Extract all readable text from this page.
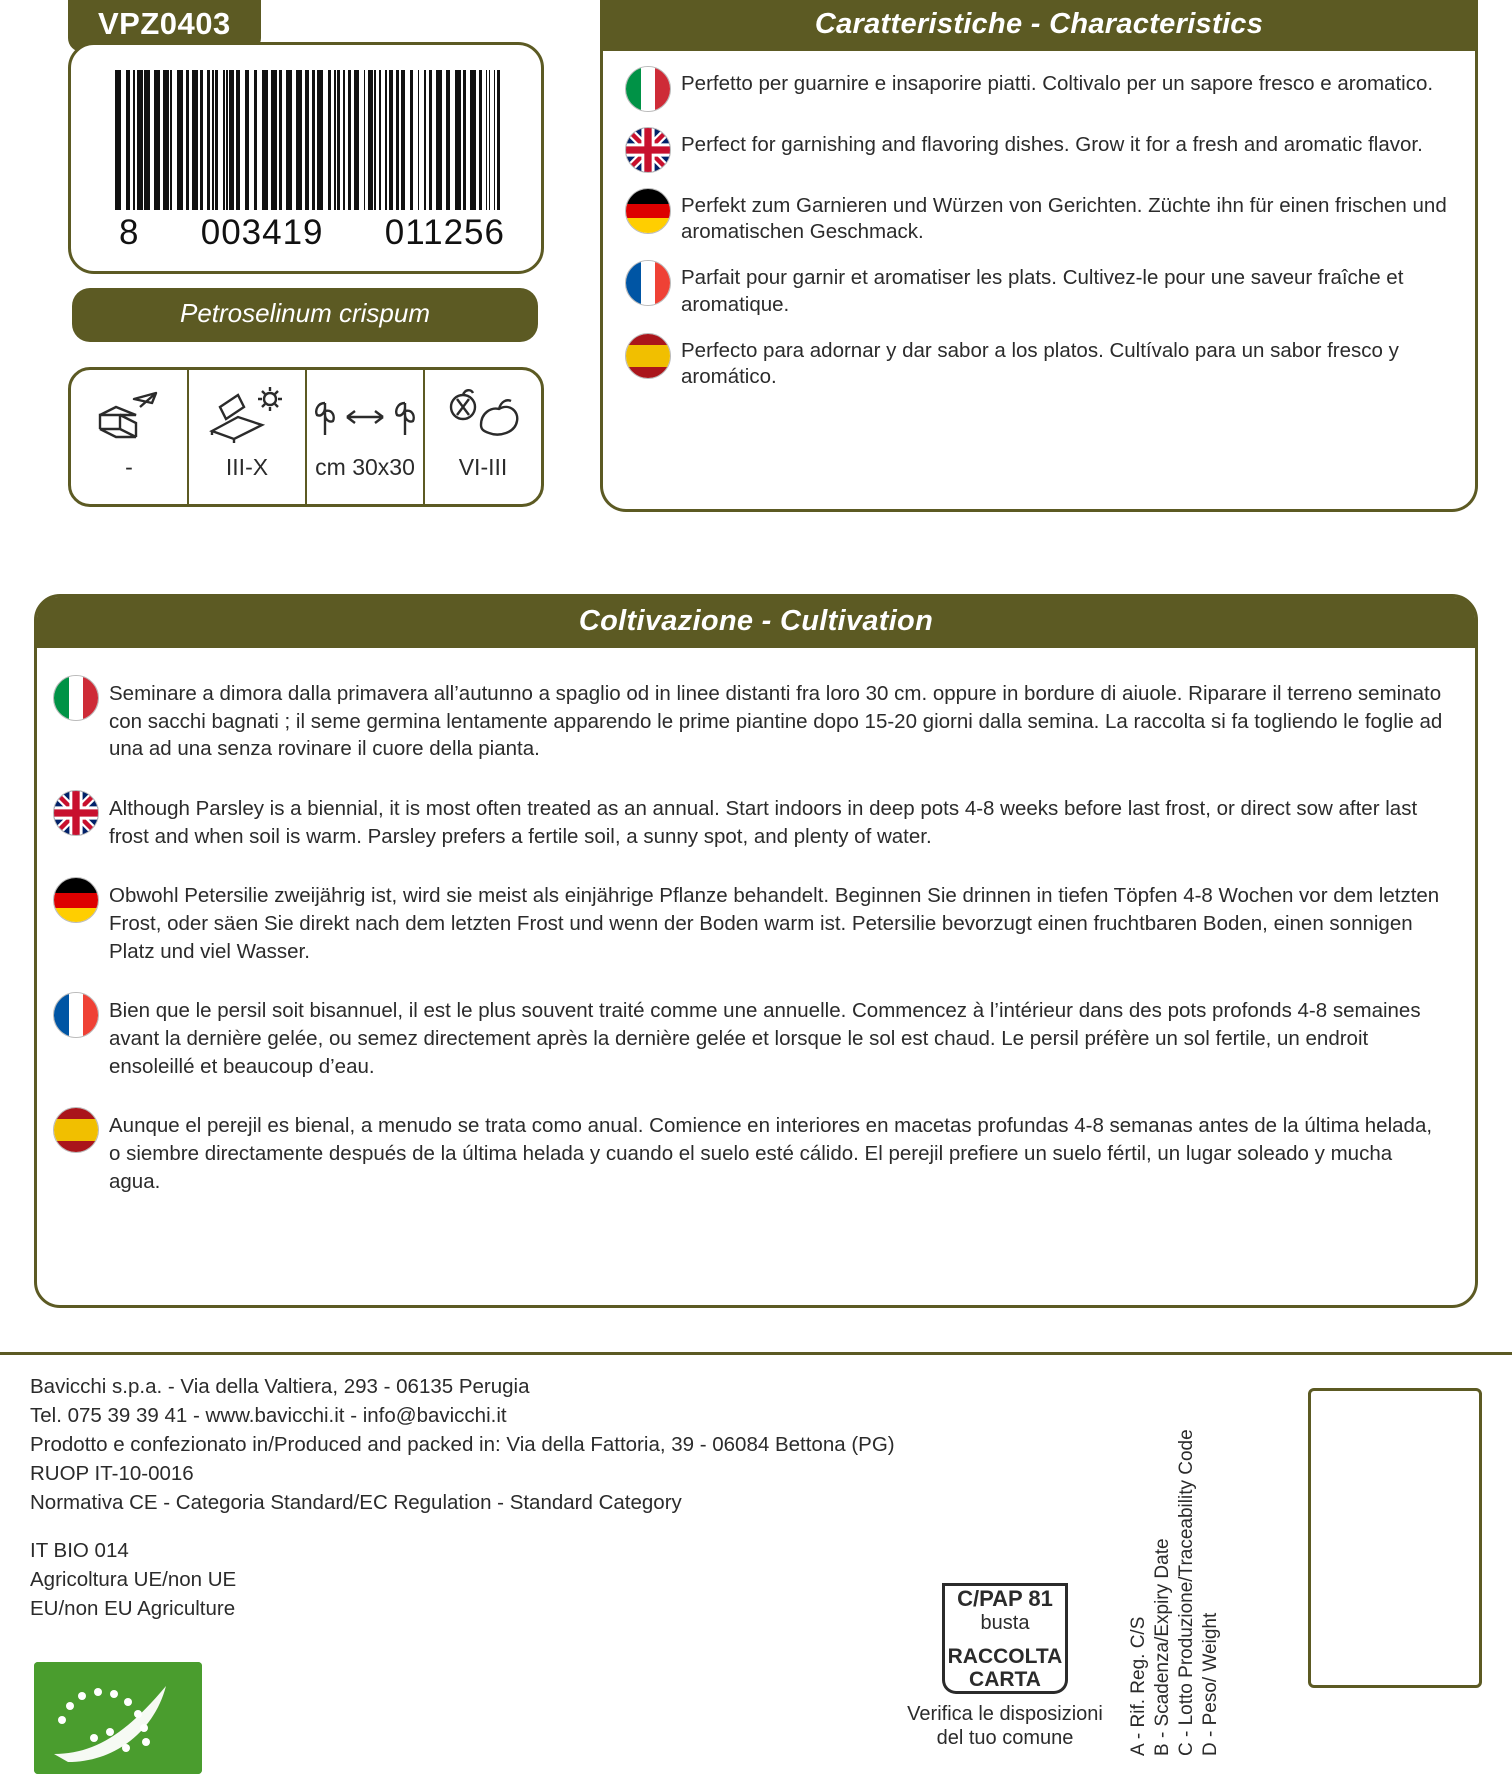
VPZ0403
8 003419 011256
Petroselinum crispum
-	III-X cm 30x30 VI-III
Caratteristiche - Characteristics
Perfetto per guarnire e insaporire piatti. Coltivalo per un sapore fresco e aromatico.
Perfect for garnishing and flavoring dishes. Grow it for a fresh and aromatic flavor.
Perfekt zum Garnieren und Würzen von Gerichten. Züchte ihn für einen frischen und aromatischen Geschmack.
Parfait pour garnir et aromatiser les plats. Cultivez-le pour une saveur fraîche et aromatique.
Perfecto para adornar y dar sabor a los platos. Cultívalo para un sabor fresco y aromático.
Coltivazione - Cultivation
Seminare a dimora dalla primavera all’autunno a spaglio od in linee distanti fra loro 30 cm. oppure in bordure di aiuole. Riparare il terreno seminato con sacchi bagnati ; il seme germina lentamente apparendo le prime piantine dopo 15-20 giorni dalla semina. La raccolta si fa togliendo le foglie ad una ad una senza rovinare il cuore della pianta.
Although Parsley is a biennial, it is most often treated as an annual. Start indoors in deep pots 4-8 weeks before last frost, or direct sow after last frost and when soil is warm. Parsley prefers a fertile soil, a sunny spot, and plenty of water.
Obwohl Petersilie zweijährig ist, wird sie meist als einjährige Pflanze behandelt. Beginnen Sie drinnen in tiefen Töpfen 4-8 Wochen vor dem letzten Frost, oder säen Sie direkt nach dem letzten Frost und wenn der Boden warm ist. Petersilie bevorzugt einen fruchtbaren Boden, einen sonnigen Platz und viel Wasser.
Bien que le persil soit bisannuel, il est le plus souvent traité comme une annuelle. Commencez à l’intérieur dans des pots profonds 4-8 semaines avant la dernière gelée, ou semez directement après la dernière gelée et lorsque le sol est chaud. Le persil préfère un sol fertile, un endroit ensoleillé et beaucoup d’eau.
Aunque el perejil es bienal, a menudo se trata como anual. Comience en interiores en macetas profundas 4-8 semanas antes de la última helada, o siembre directamente después de la última helada y cuando el suelo esté cálido. El perejil prefiere un suelo fértil, un lugar soleado y mucha agua.
Bavicchi s.p.a. - Via della Valtiera, 293 - 06135 Perugia
Tel. 075 39 39 41 - www.bavicchi.it - info@bavicchi.it
Prodotto e confezionato in/Produced and packed in: Via della Fattoria, 39 - 06084 Bettona (PG)
RUOP IT-10-0016
Normativa CE - Categoria Standard/EC Regulation - Standard Category
IT BIO 014
Agricoltura UE/non UE
EU/non EU Agriculture	C/PAP 81
busta
RACCOLTA
CARTA
Verifica le disposizioni
del tuo comune	A - Rif. Reg. C/S B - Scadenza/Expiry Date C - Lotto Produzione/Traceability Code D - Peso/ Weight
